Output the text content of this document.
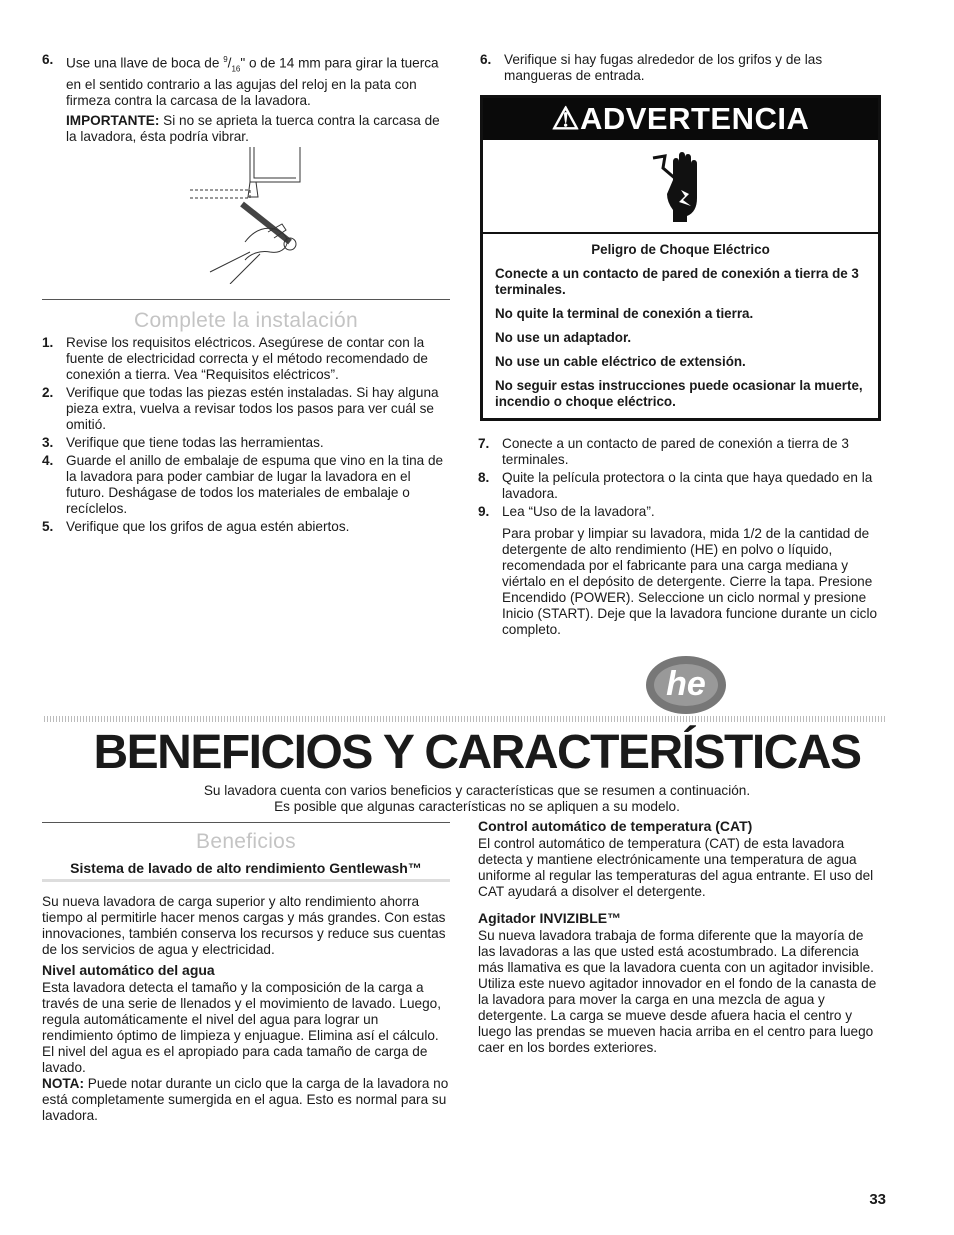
6. Use una llave de boca de $^9/_{16}$" o de 14 mm para girar la tuerca en el sentido contrario a las agujas del reloj en la pata con firmeza contra la carcasa de la lavadora.
IMPORTANTE: Si no se aprieta la tuerca contra la carcasa de la lavadora, ésta podría vibrar.
Complete la instalación
1. Revise los requisitos eléctricos. Asegúrese de contar con la fuente de electricidad correcta y el método recomendado de conexión a tierra. Vea “Requisitos eléctricos”.
2. Verifique que todas las piezas estén instaladas. Si hay alguna pieza extra, vuelva a revisar todos los pasos para ver cuál se omitió.
3. Verifique que tiene todas las herramientas.
4. Guarde el anillo de embalaje de espuma que vino en la tina de la lavadora para poder cambiar de lugar la lavadora en el futuro. Deshágase de todos los materiales de embalaje o recíclelos.
5. Verifique que los grifos de agua estén abiertos.
6. Verifique si hay fugas alrededor de los grifos y de las mangueras de entrada.
⚠ADVERTENCIA

Peligro de Choque Eléctrico

Conecte a un contacto de pared de conexión a tierra de 3 terminales.

No quite la terminal de conexión a tierra.

No use un adaptador.

No use un cable eléctrico de extensión.

No seguir estas instrucciones puede ocasionar la muerte, incendio o choque eléctrico.

7. Conecte a un contacto de pared de conexión a tierra de 3 terminales.
8. Quite la película protectora o la cinta que haya quedado en la lavadora.
9. Lea “Uso de la lavadora”.
Para probar y limpiar su lavadora, mida 1/2 de la cantidad de detergente de alto rendimiento (HE) en polvo o líquido, recomendada por el fabricante para una carga mediana y viértalo en el depósito de detergente. Cierre la tapa. Presione Encendido (POWER). Seleccione un ciclo normal y presione Inicio (START). Deje que la lavadora funcione durante un ciclo completo.
he
BENEFICIOS Y CARACTERÍSTICAS
Su lavadora cuenta con varios beneficios y características que se resumen a continuación.
Es posible que algunas características no se apliquen a su modelo.
Beneficios
Sistema de lavado de alto rendimiento Gentlewash™

Su nueva lavadora de carga superior y alto rendimiento ahorra tiempo al permitirle hacer menos cargas y más grandes. Con estas innovaciones, también conserva los recursos y reduce sus cuentas de los servicios de agua y electricidad.

Nivel automático del agua

Esta lavadora detecta el tamaño y la composición de la carga a través de una serie de llenados y el movimiento de lavado. Luego, regula automáticamente el nivel del agua para lograr un rendimiento óptimo de limpieza y enjuague. Elimina así el cálculo. El nivel del agua es el apropiado para cada tamaño de carga de lavado.

NOTA: Puede notar durante un ciclo que la carga de la lavadora no está completamente sumergida en el agua. Esto es normal para su lavadora.

Control automático de temperatura (CAT)

El control automático de temperatura (CAT) de esta lavadora detecta y mantiene electrónicamente una temperatura de agua uniforme al regular las temperaturas del agua entrante. El uso del CAT ayudará a disolver el detergente.

Agitador INVIZIBLE™

Su nueva lavadora trabaja de forma diferente que la mayoría de las lavadoras a las que usted está acostumbrado. La diferencia más llamativa es que la lavadora cuenta con un agitador invisible. Utiliza este nuevo agitador innovador en el fondo de la canasta de la lavadora para mover la carga en una mezcla de agua y detergente. La carga se mueve desde afuera hacia el centro y luego las prendas se mueven hacia arriba en el centro para luego caer en los bordes exteriores.

33
